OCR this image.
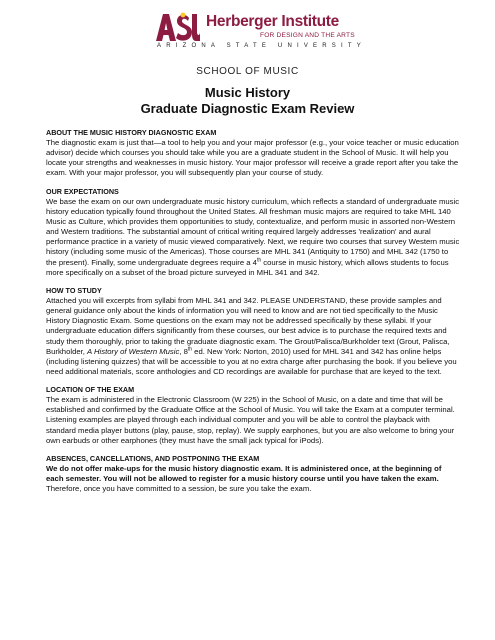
Herberger Institute
FOR DESIGN AND THE ARTS
ARIZONA STATE UNIVERSITY
SCHOOL OF MUSIC
Music History
Graduate Diagnostic Exam Review
ABOUT THE MUSIC HISTORY DIAGNOSTIC EXAM

The diagnostic exam is just that—a tool to help you and your major professor (e.g., your voice teacher or music education advisor) decide which courses you should take while you are a graduate student in the School of Music. It will help you locate your strengths and weaknesses in music history. Your major professor will receive a grade report after you take the exam. With your major professor, you will subsequently plan your course of study.

OUR EXPECTATIONS

We base the exam on our own undergraduate music history curriculum, which reflects a standard of undergraduate music history education typically found throughout the United States. All freshman music majors are required to take MHL 140 Music as Culture, which provides them opportunities to study, contextualize, and perform music in assorted non-Western and Western traditions. The substantial amount of critical writing required largely addresses 'realization' and aural performance practice in a variety of music viewed comparatively. Next, we require two courses that survey Western music history (including some music of the Americas). Those courses are MHL 341 (Antiquity to 1750) and MHL 342 (1750 to the present). Finally, some undergraduate degrees require a 4th course in music history, which allows students to focus more specifically on a subset of the broad picture surveyed in MHL 341 and 342.

HOW TO STUDY

Attached you will excerpts from syllabi from MHL 341 and 342. PLEASE UNDERSTAND, these provide samples and general guidance only about the kinds of information you will need to know and are not tied specifically to the Music History Diagnostic Exam. Some questions on the exam may not be addressed specifically by these syllabi. If your undergraduate education differs significantly from these courses, our best advice is to purchase the required texts and study them thoroughly, prior to taking the graduate diagnostic exam. The Grout/Palisca/Burkholder text (Grout, Palisca, Burkholder, A History of Western Music, 8th ed. New York: Norton, 2010) used for MHL 341 and 342 has online helps (including listening quizzes) that will be accessible to you at no extra charge after purchasing the book. If you believe you need additional materials, score anthologies and CD recordings are available for purchase that are keyed to the text.

LOCATION OF THE EXAM

The exam is administered in the Electronic Classroom (W 225) in the School of Music, on a date and time that will be established and confirmed by the Graduate Office at the School of Music. You will take the Exam at a computer terminal. Listening examples are played through each individual computer and you will be able to control the playback with standard media player buttons (play, pause, stop, replay). We supply earphones, but you are also welcome to bring your own earbuds or other earphones (they must have the small jack typical for iPods).

ABSENCES, CANCELLATIONS, AND POSTPONING THE EXAM

We do not offer make-ups for the music history diagnostic exam. It is administered once, at the beginning of each semester. You will not be allowed to register for a music history course until you have taken the exam. Therefore, once you have committed to a session, be sure you take the exam.
